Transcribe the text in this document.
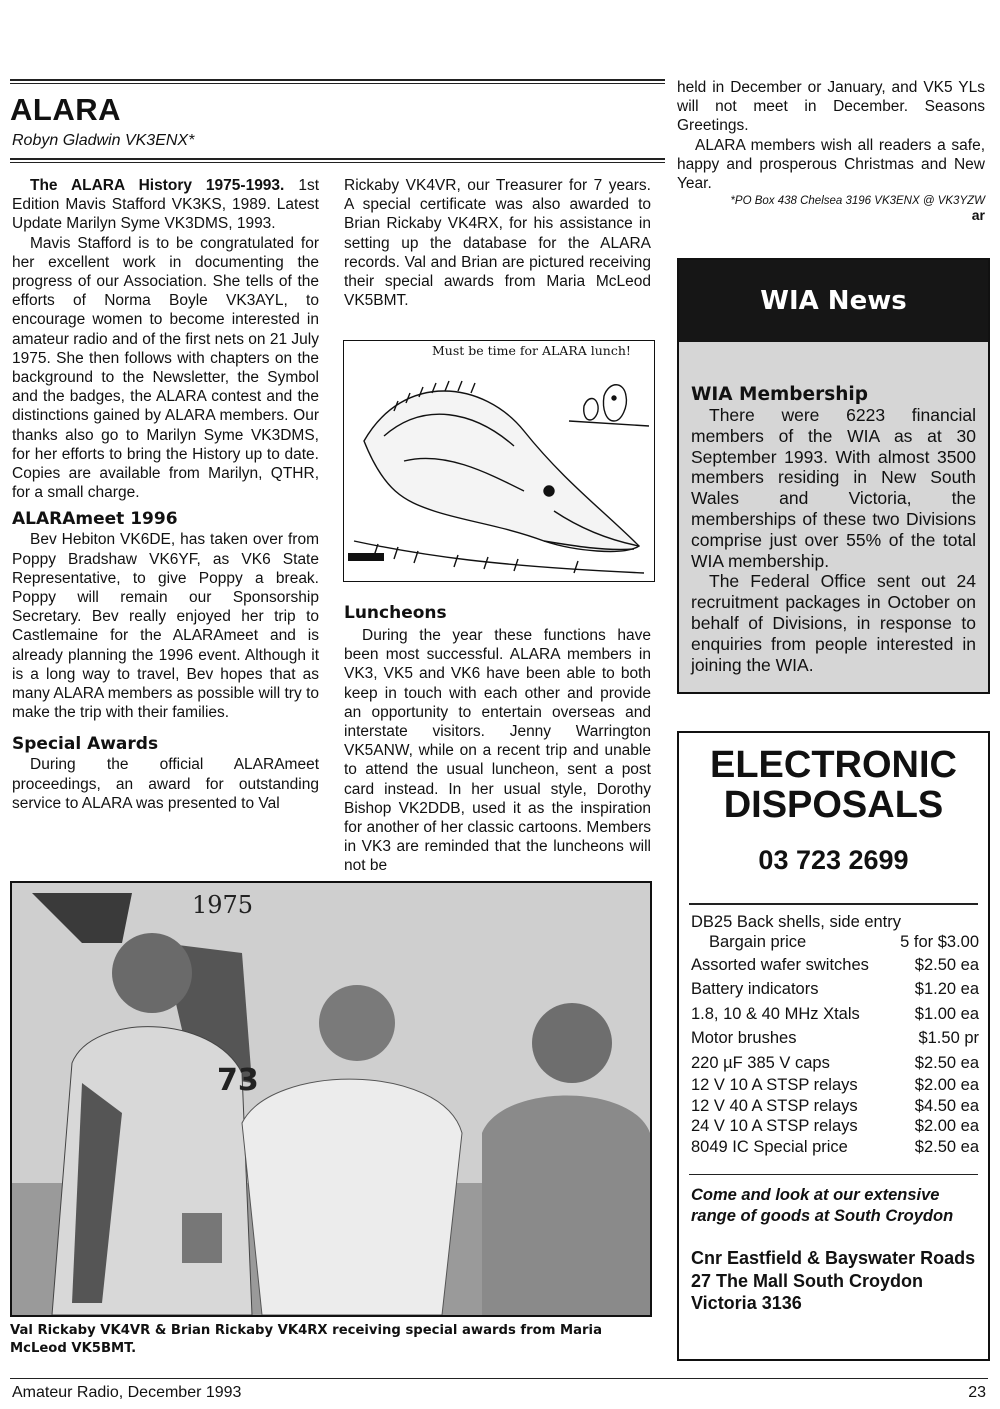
ALARA
Robyn Gladwin VK3ENX*

The ALARA History 1975-1993. 1st Edition Mavis Stafford VK3KS, 1989. Latest Update Marilyn Syme VK3DMS, 1993.

Mavis Stafford is to be congratulated for her excellent work in documenting the progress of our Association. She tells of the efforts of Norma Boyle VK3AYL, to encourage women to become interested in amateur radio and of the first nets on 21 July 1975. She then follows with chapters on the background to the Newsletter, the Symbol and the badges, the ALARA contest and the distinctions gained by ALARA members. Our thanks also go to Marilyn Syme VK3DMS, for her efforts to bring the History up to date. Copies are available from Marilyn, QTHR, for a small charge.

ALARAmeet 1996

Bev Hebiton VK6DE, has taken over from Poppy Bradshaw VK6YF, as VK6 State Representative, to give Poppy a break. Poppy will remain our Sponsorship Secretary. Bev really enjoyed her trip to Castlemaine for the ALARAmeet and is already planning the 1996 event. Although it is a long way to travel, Bev hopes that as many ALARA members as possible will try to make the trip with their families.

Special Awards

During the official ALARAmeet proceedings, an award for outstanding service to ALARA was presented to Val

Rickaby VK4VR, our Treasurer for 7 years. A special certificate was also awarded to Brian Rickaby VK4RX, for his assistance in setting up the database for the ALARA records. Val and Brian are pictured receiving their special awards from Maria McLeod VK5BMT.

Must be time for ALARA lunch!
Luncheons

During the year these functions have been most successful. ALARA members in VK3, VK5 and VK6 have been able to both keep in touch with each other and provide an opportunity to entertain overseas and interstate visitors. Jenny Warrington VK5ANW, while on a recent trip and unable to attend the usual luncheon, sent a post card instead. In her usual style, Dorothy Bishop VK2DDB, used it as the inspiration for another of her classic cartoons. Members in VK3 are reminded that the luncheons will not be

held in December or January, and VK5 YLs will not meet in December. Seasons Greetings.

ALARA members wish all readers a safe, happy and prosperous Christmas and New Year.

*PO Box 438 Chelsea 3196 VK3ENX @ VK3YZW
ar
WIA News
WIA Membership

There were 6223 financial members of the WIA as at 30 September 1993. With almost 3500 members residing in New South Wales and Victoria, the memberships of these two Divisions comprise just over 55% of the total WIA membership.

The Federal Office sent out 24 recruitment packages in October on behalf of Divisions, in response to enquiries from people interested in joining the WIA.

ELECTRONIC
DISPOSALS
03 723 2699
DB25 Back shells, side entry
Bargain price	5 for $3.00
Assorted wafer switches	$2.50 ea
Battery indicators	$1.20 ea
1.8, 10 & 40 MHz Xtals	$1.00 ea
Motor brushes	$1.50 pr
220 µF 385 V caps	$2.50 ea
12 V 10 A STSP relays	$2.00 ea
12 V 40 A STSP relays	$4.50 ea
24 V 10 A STSP relays	$2.00 ea
8049 IC Special price	$2.50 ea
Come and look at our extensive range of goods at South Croydon
Cnr Eastfield & Bayswater Roads
27 The Mall South Croydon
Victoria 3136
1975
73
Val Rickaby VK4VR & Brian Rickaby VK4RX receiving special awards from Maria McLeod VK5BMT.
Amateur Radio, December 1993	23
